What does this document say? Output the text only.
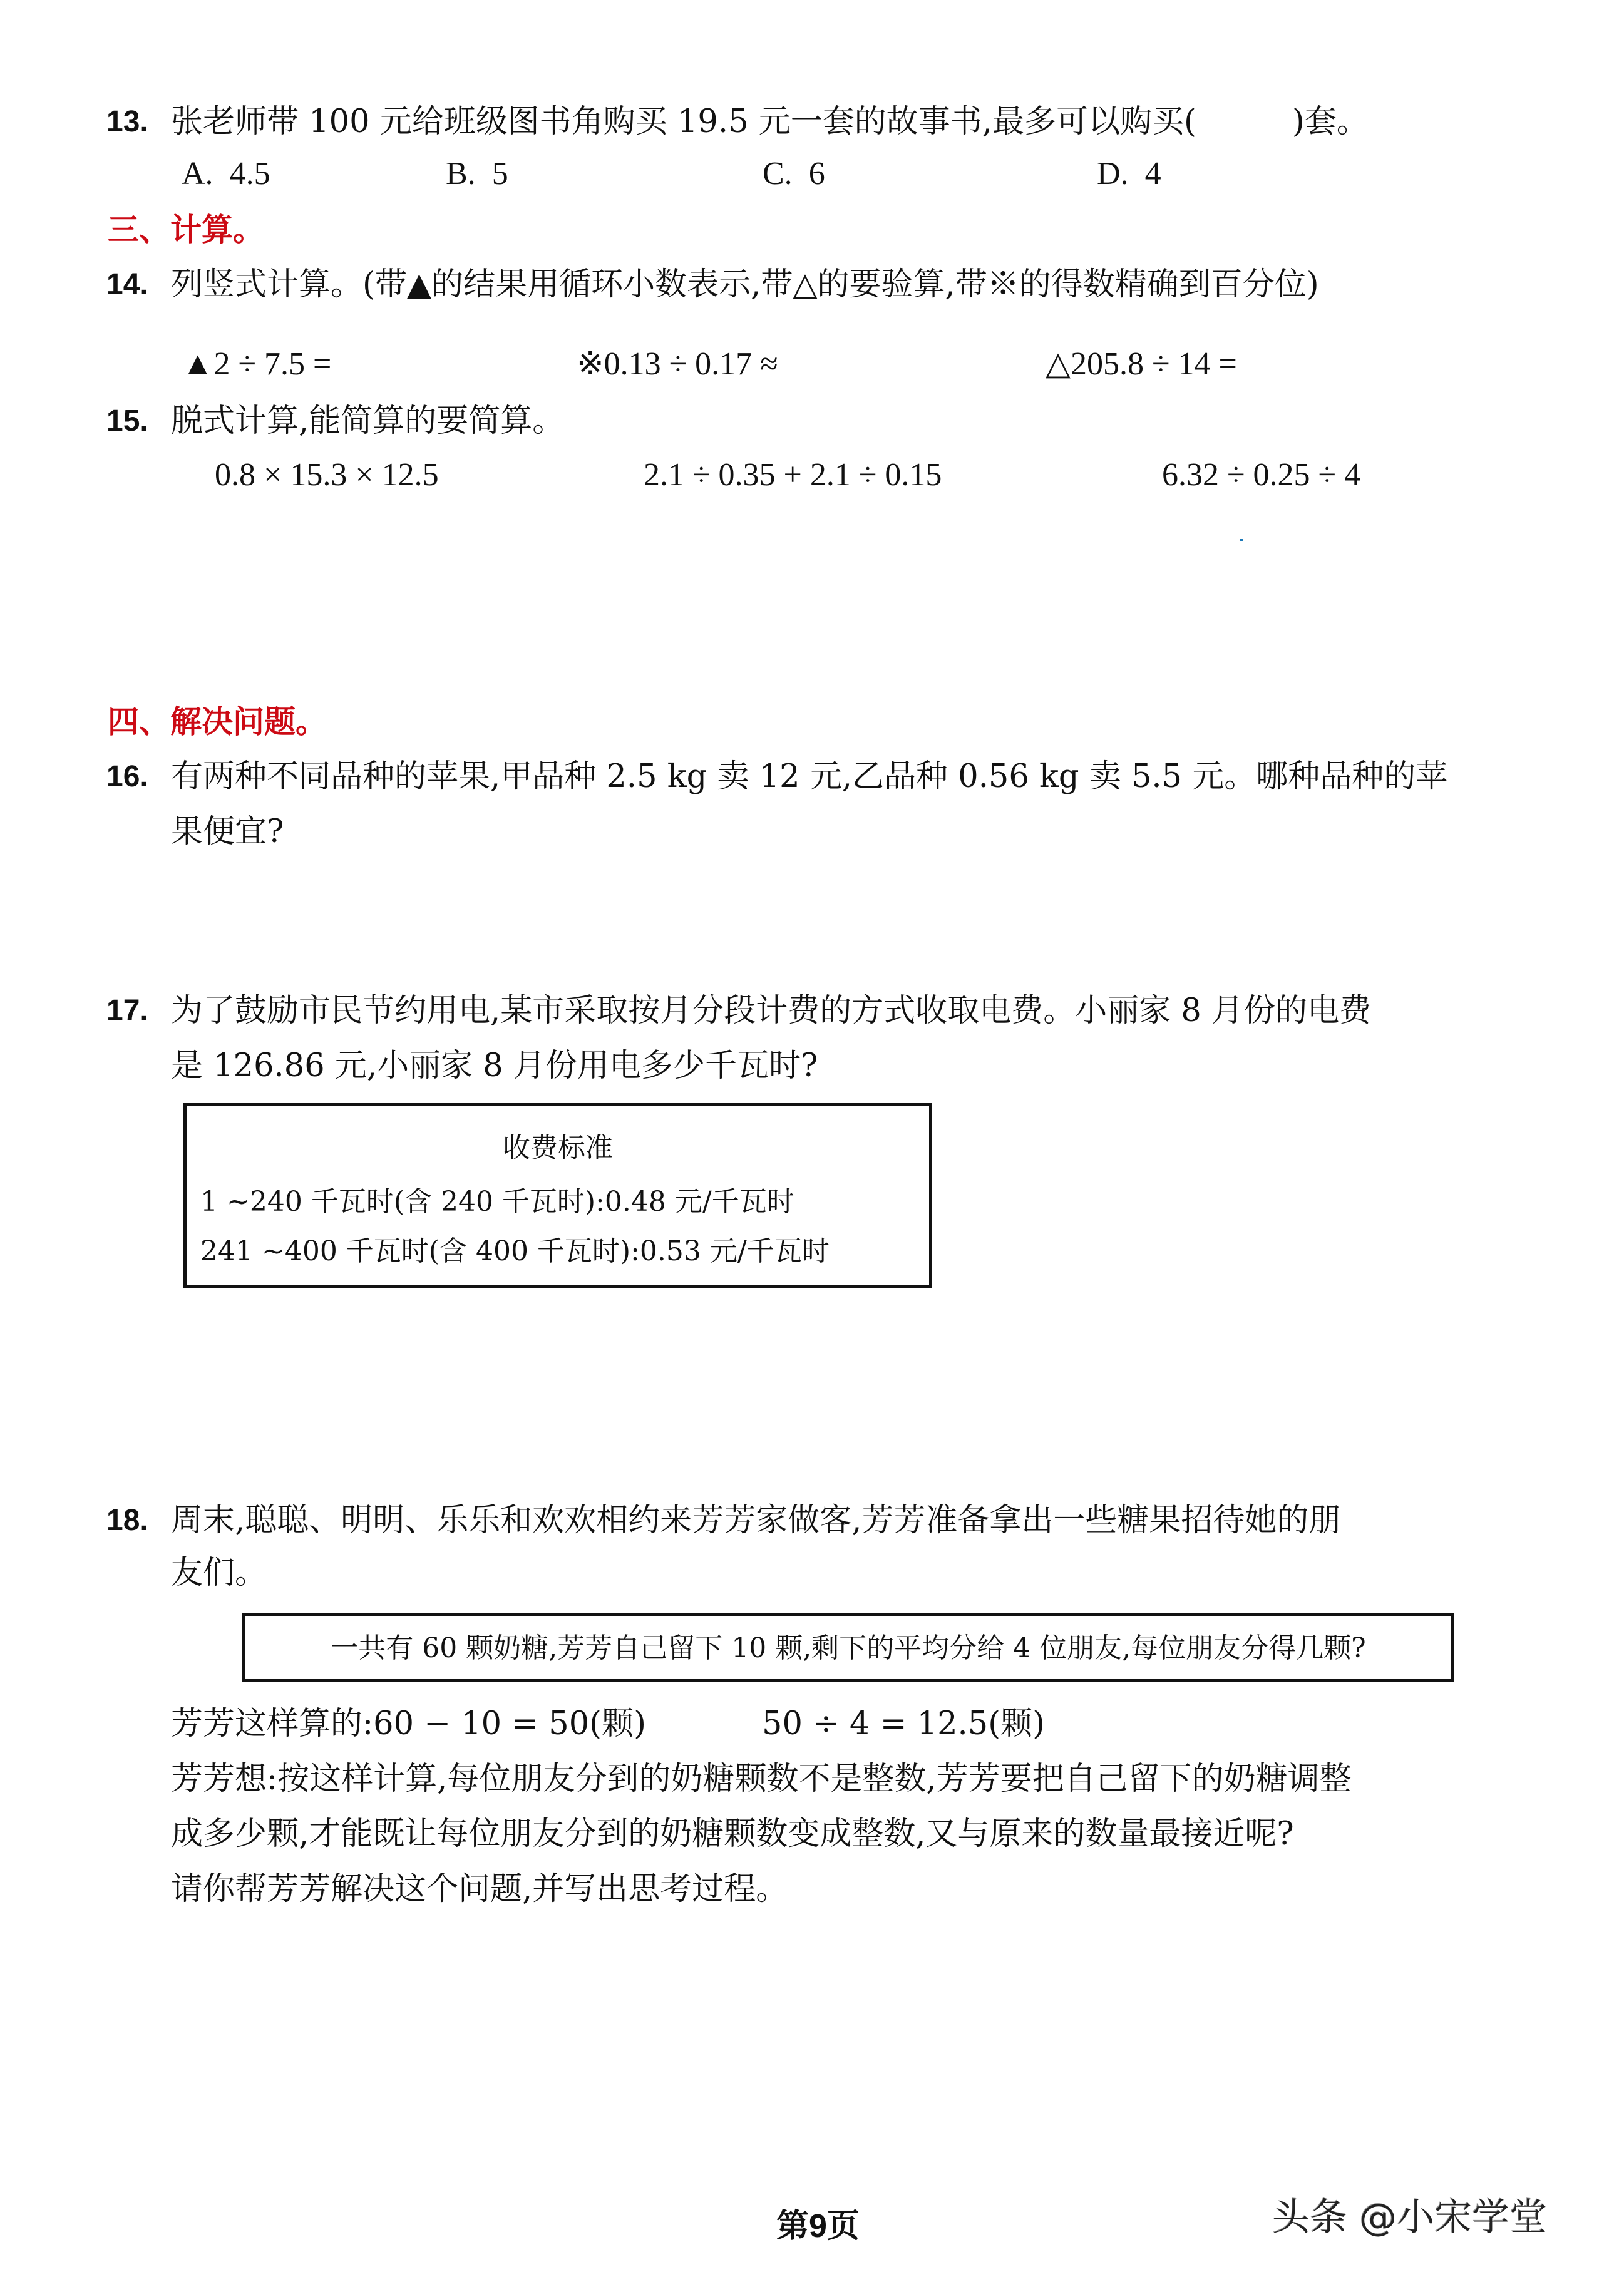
13. 张老师带 100 元给班级图书角购买 19.5 元一套的故事书,最多可以购买(　　　)套。
A. 4.5	B. 5	C. 6	D. 4
三、计算。
14. 列竖式计算。(带▲的结果用循环小数表示,带△的要验算,带※的得数精确到百分位)
▲2 ÷ 7.5 =	※0.13 ÷ 0.17 ≈	△205.8 ÷ 14 =
15. 脱式计算,能简算的要简算。
0.8 × 15.3 × 12.5	2.1 ÷ 0.35 + 2.1 ÷ 0.15	6.32 ÷ 0.25 ÷ 4
四、解决问题。
16. 有两种不同品种的苹果,甲品种 2.5 kg 卖 12 元,乙品种 0.56 kg 卖 5.5 元。哪种品种的苹
果便宜?
17. 为了鼓励市民节约用电,某市采取按月分段计费的方式收取电费。小丽家 8 月份的电费
是 126.86 元,小丽家 8 月份用电多少千瓦时?
收费标准
1 ~240 千瓦时(含 240 千瓦时):0.48 元/千瓦时
241 ~400 千瓦时(含 400 千瓦时):0.53 元/千瓦时
18. 周末,聪聪、明明、乐乐和欢欢相约来芳芳家做客,芳芳准备拿出一些糖果招待她的朋
友们。
一共有 60 颗奶糖,芳芳自己留下 10 颗,剩下的平均分给 4 位朋友,每位朋友分得几颗?
芳芳这样算的:60 − 10 = 50(颗)	50 ÷ 4 = 12.5(颗)
芳芳想:按这样计算,每位朋友分到的奶糖颗数不是整数,芳芳要把自己留下的奶糖调整
成多少颗,才能既让每位朋友分到的奶糖颗数变成整数,又与原来的数量最接近呢?
请你帮芳芳解决这个问题,并写出思考过程。
第9页	头条 @小宋学堂
